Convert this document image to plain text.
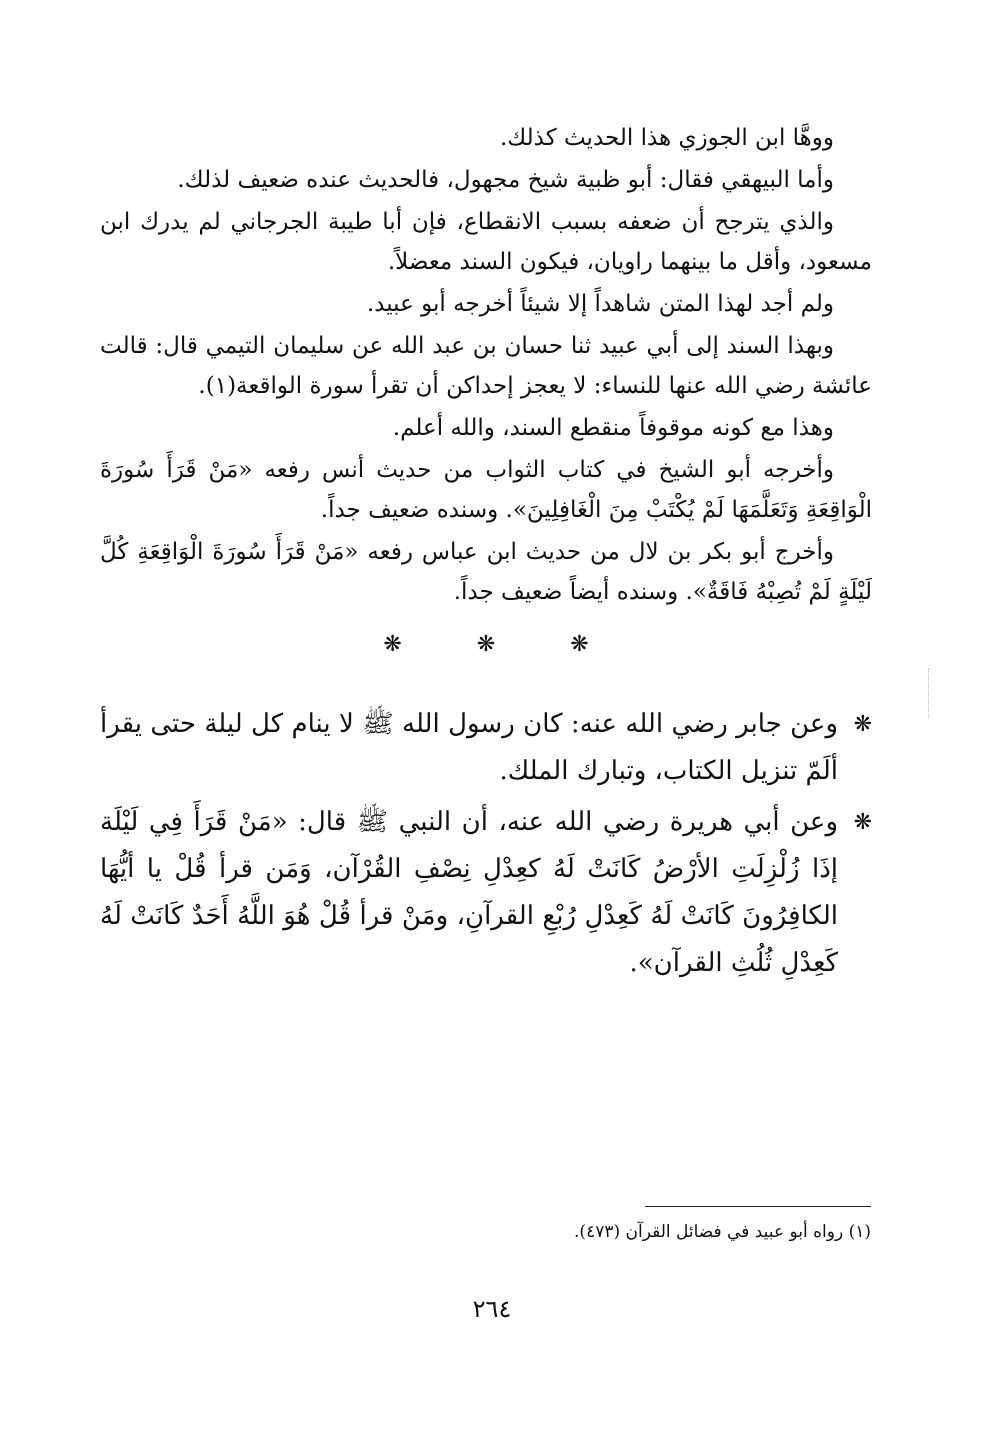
ووهَّا ابن الجوزي هذا الحديث كذلك.

وأما البيهقي فقال: أبو ظبية شيخ مجهول، فالحديث عنده ضعيف لذلك.

والذي يترجح أن ضعفه بسبب الانقطاع، فإن أبا طيبة الجرجاني لم يدرك ابن مسعود، وأقل ما بينهما راويان، فيكون السند معضلاً.

ولم أجد لهذا المتن شاهداً إلا شيئاً أخرجه أبو عبيد.

وبهذا السند إلى أبي عبيد ثنا حسان بن عبد الله عن سليمان التيمي قال: قالت عائشة رضي الله عنها للنساء: لا يعجز إحداكن أن تقرأ سورة الواقعة(١).

وهذا مع كونه موقوفاً منقطع السند، والله أعلم.

وأخرجه أبو الشيخ في كتاب الثواب من حديث أنس رفعه «مَنْ قَرَأَ سُورَةَ الْوَاقِعَةِ وَتَعَلَّمَهَا لَمْ يُكْتَبْ مِنَ الْغَافِلِينَ». وسنده ضعيف جداً.

وأخرج أبو بكر بن لال من حديث ابن عباس رفعه «مَنْ قَرَأَ سُورَةَ الْوَاقِعَةِ كُلَّ لَيْلَةٍ لَمْ تُصِبْهُ فَاقَةٌ». وسنده أيضاً ضعيف جداً.

❋ ❋ ❋

❋
وعن جابر رضي الله عنه: كان رسول الله ﷺ لا ينام كل ليلة حتى يقرأ ألَمّ تنزيل الكتاب، وتبارك الملك.

❋
وعن أبي هريرة رضي الله عنه، أن النبي ﷺ قال: «مَنْ قَرَأَ فِي لَيْلَة إذَا زُلْزِلَتِ الأرْضُ كَانَتْ لَهُ كعِدْلِ نِصْفِ القُرْآن، وَمَن قرأ قُلْ يا أيُّهَا الكافِرُونَ كَانَتْ لَهُ كَعِدْلِ رُبْعِ القرآنِ، ومَنْ قرأ قُلْ هُوَ اللَّهُ أَحَدٌ كَانَتْ لَهُ كَعِدْلِ ثُلُثِ القرآن».

(١) رواه أبو عبيد في فضائل القرآن (٤٧٣).
٢٦٤
